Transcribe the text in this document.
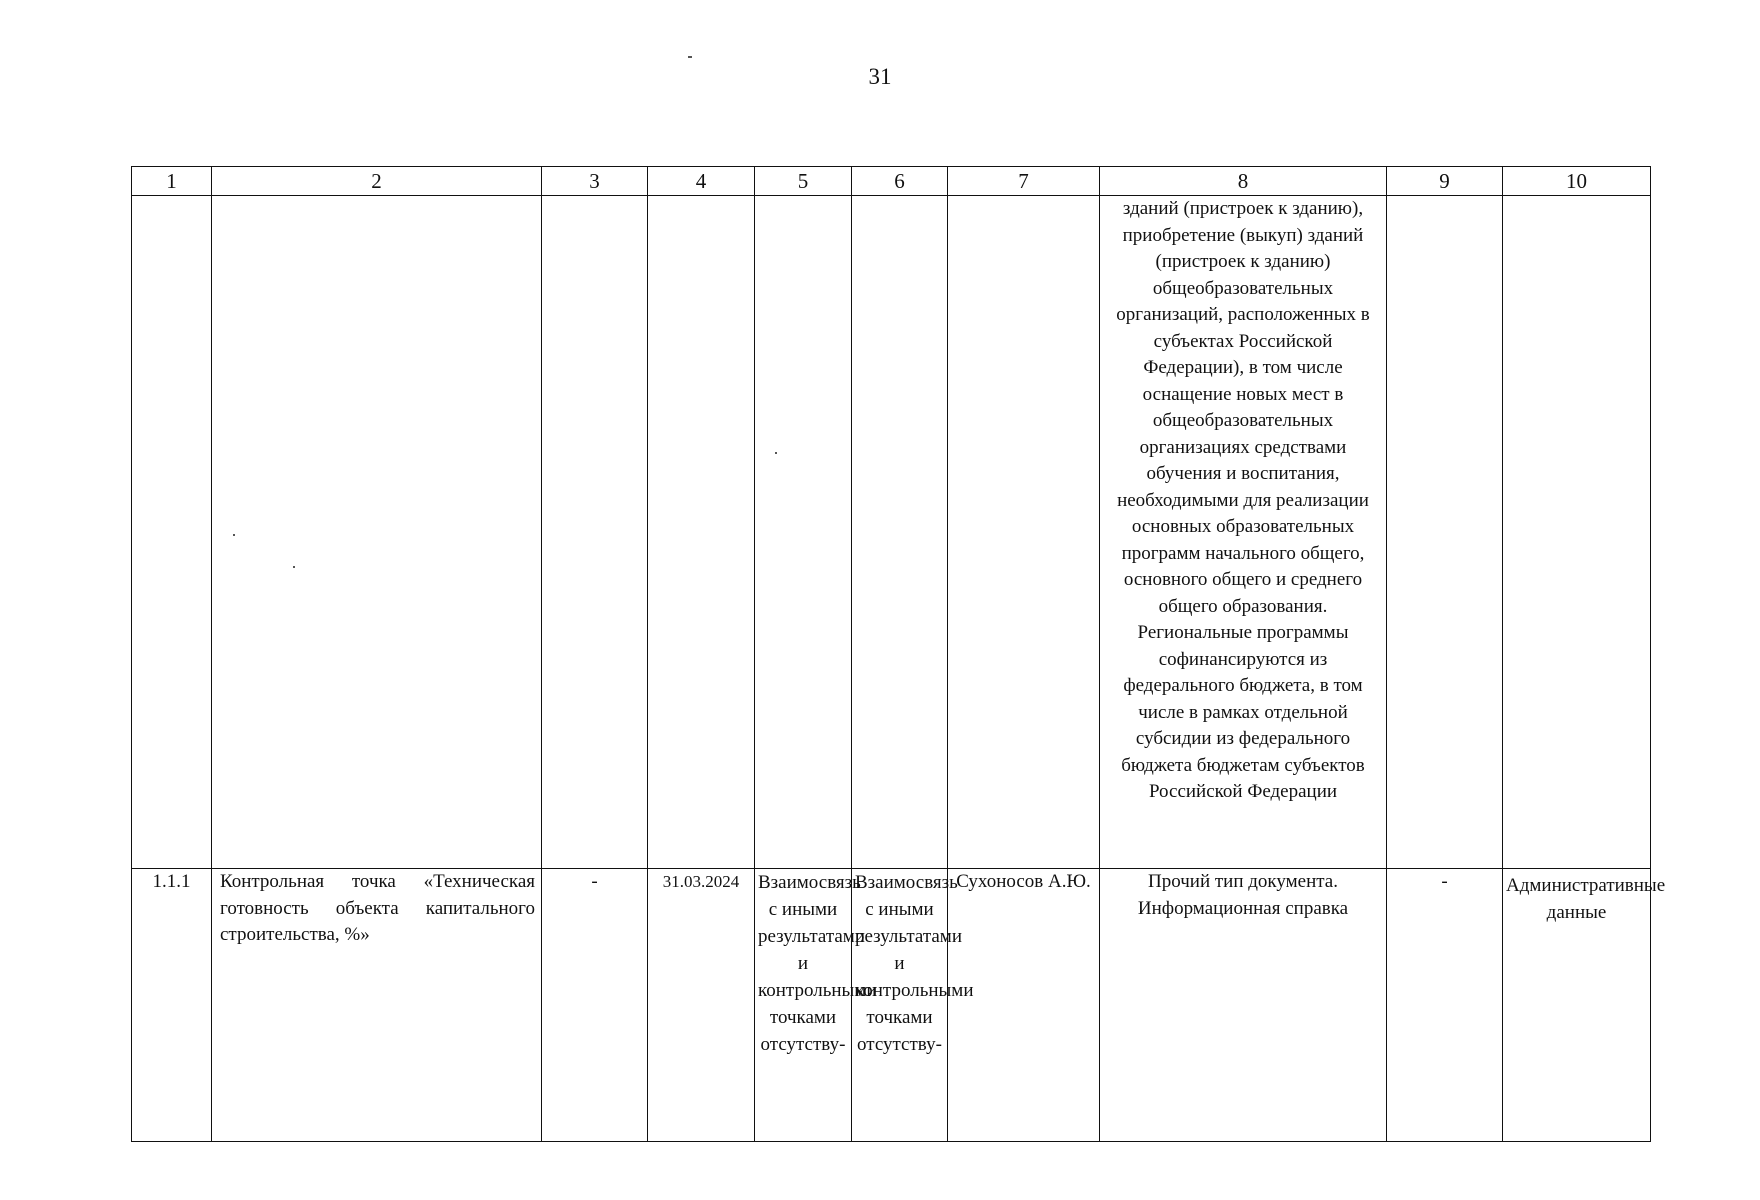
31
1	2	3	4	5	6	7	8	9	10
							зданий (пристроек к зданию), приобретение (выкуп) зданий (пристроек к зданию) общеобразовательных организаций, расположенных в субъектах Российской Федерации), в том числе оснащение новых мест в общеобразовательных организациях средствами обучения и воспитания, необходимыми для реализации основных образовательных программ начального общего, основного общего и среднего общего образования. Региональные программы софинансируются из федерального бюджета, в том числе в рамках отдельной субсидии из федерального бюджета бюджетам субъектов Российской Федерации		
1.1.1	Контрольная точка «Техническая готовность объекта капитального строительства, %»	-	31.03.2024	Взаимосвязь с иными результатами и контрольными точками отсутству-	Взаимосвязь с иными результатами и контрольными точками отсутству-	Сухоносов А.Ю.	Прочий тип документа. Информационная справка	-	Административные данные
